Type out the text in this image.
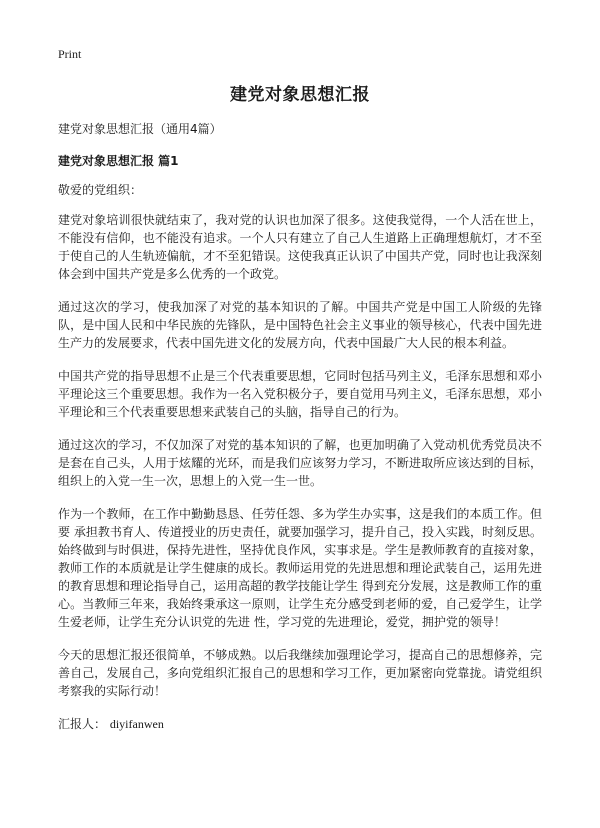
Print
建党对象思想汇报

建党对象思想汇报（通用4篇）

建党对象思想汇报 篇1

敬爱的党组织：

建党对象培训很快就结束了，我对党的认识也加深了很多。这使我觉得，一个人活在世上，不能没有信仰，也不能没有追求。一个人只有建立了自己人生道路上正确理想航灯，才不至于使自己的人生轨迹偏航，才不至犯错误。这使我真正认识了中国共产党，同时也让我深刻体会到中国共产党是多么优秀的一个政党。

通过这次的学习，使我加深了对党的基本知识的了解。中国共产党是中国工人阶级的先锋队，是中国人民和中华民族的先锋队，是中国特色社会主义事业的领导核心，代表中国先进生产力的发展要求，代表中国先进文化的发展方向，代表中国最广大人民的根本利益。

中国共产党的指导思想不止是三个代表重要思想，它同时包括马列主义，毛泽东思想和邓小平理论这三个重要思想。我作为一名入党积极分子，要自觉用马列主义，毛泽东思想，邓小平理论和三个代表重要思想来武装自己的头脑，指导自己的行为。

通过这次的学习，不仅加深了对党的基本知识的了解，也更加明确了入党动机优秀党员决不是套在自己头，人用于炫耀的光环，而是我们应该努力学习，不断进取所应该达到的目标，组织上的入党一生一次，思想上的入党一生一世。

作为一个教师，在工作中勤勤恳恳、任劳任怨、多为学生办实事，这是我们的本质工作。但要 承担教书育人、传道授业的历史责任，就要加强学习，提升自己，投入实践，时刻反思。始终做到与时俱进，保持先进性，坚持优良作风，实事求是。学生是教师教育的直接对象，教师工作的本质就是让学生健康的成长。教师运用党的先进思想和理论武装自己，运用先进的教育思想和理论指导自己，运用高超的教学技能让学生 得到充分发展，这是教师工作的重心。当教师三年来，我始终秉承这一原则，让学生充分感受到老师的爱，自己爱学生，让学生爱老师，让学生充分认识党的先进 性，学习党的先进理论，爱党，拥护党的领导！

今天的思想汇报还很简单，不够成熟。以后我继续加强理论学习，提高自己的思想修养，完善自己，发展自己，多向党组织汇报自己的思想和学习工作，更加紧密向党靠拢。请党组织考察我的实际行动！

汇报人： diyifanwen
